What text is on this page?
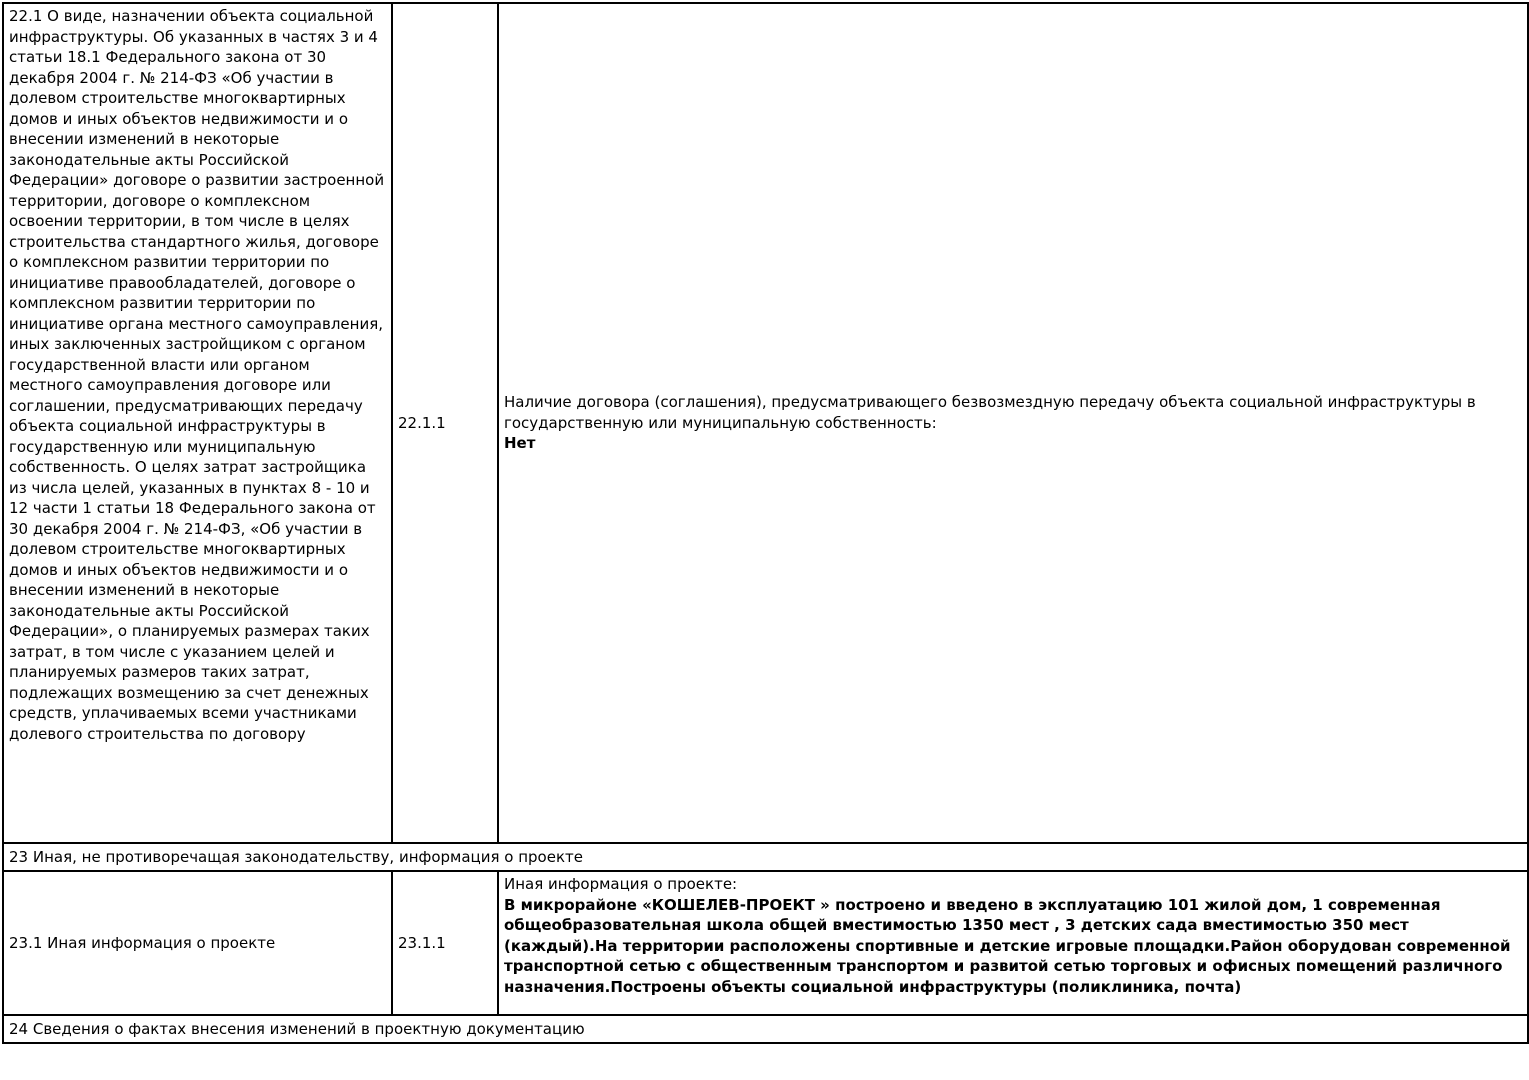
22.1 О виде, назначении объекта социальной инфраструктуры. Об указанных в частях 3 и 4 статьи 18.1 Федерального закона от 30 декабря 2004 г. № 214-ФЗ «Об участии в долевом строительстве многоквартирных домов и иных объектов недвижимости и о внесении изменений в некоторые законодательные акты Российской Федерации» договоре о развитии застроенной территории, договоре о комплексном освоении территории, в том числе в целях строительства стандартного жилья, договоре о комплексном развитии территории по инициативе правообладателей, договоре о комплексном развитии территории по инициативе органа местного самоуправления, иных заключенных застройщиком с органом государственной власти или органом местного самоуправления договоре или соглашении, предусматривающих передачу объекта социальной инфраструктуры в государственную или муниципальную собственность. О целях затрат застройщика из числа целей, указанных в пунктах 8 - 10 и 12 части 1 статьи 18 Федерального закона от 30 декабря 2004 г. № 214-ФЗ, «Об участии в долевом строительстве многоквартирных домов и иных объектов недвижимости и о внесении изменений в некоторые законодательные акты Российской Федерации», о планируемых размерах таких затрат, в том числе с указанием целей и планируемых размеров таких затрат, подлежащих возмещению за счет денежных средств, уплачиваемых всеми участниками долевого строительства по договору	22.1.1	Наличие договора (соглашения), предусматривающего безвозмездную передачу объекта социальной инфраструктуры в государственную или муниципальную собственность:
Нет

23 Иная, не противоречащая законодательству, информация о проекте		
23.1 Иная информация о проекте	23.1.1	Иная информация о проекте:
В микрорайоне «КОШЕЛЕВ-ПРОЕКТ » построено и введено в эксплуатацию 101 жилой дом, 1 современная общеобразовательная школа общей вместимостью 1350 мест , 3 детских сада вместимостью 350 мест (каждый).На территории расположены спортивные и детские игровые площадки.Район оборудован современной транспортной сетью с общественным транспортом и развитой сетью торговых и офисных помещений различного назначения.Построены объекты социальной инфраструктуры (поликлиника, почта)

24 Сведения о фактах внесения изменений в проектную документацию		
